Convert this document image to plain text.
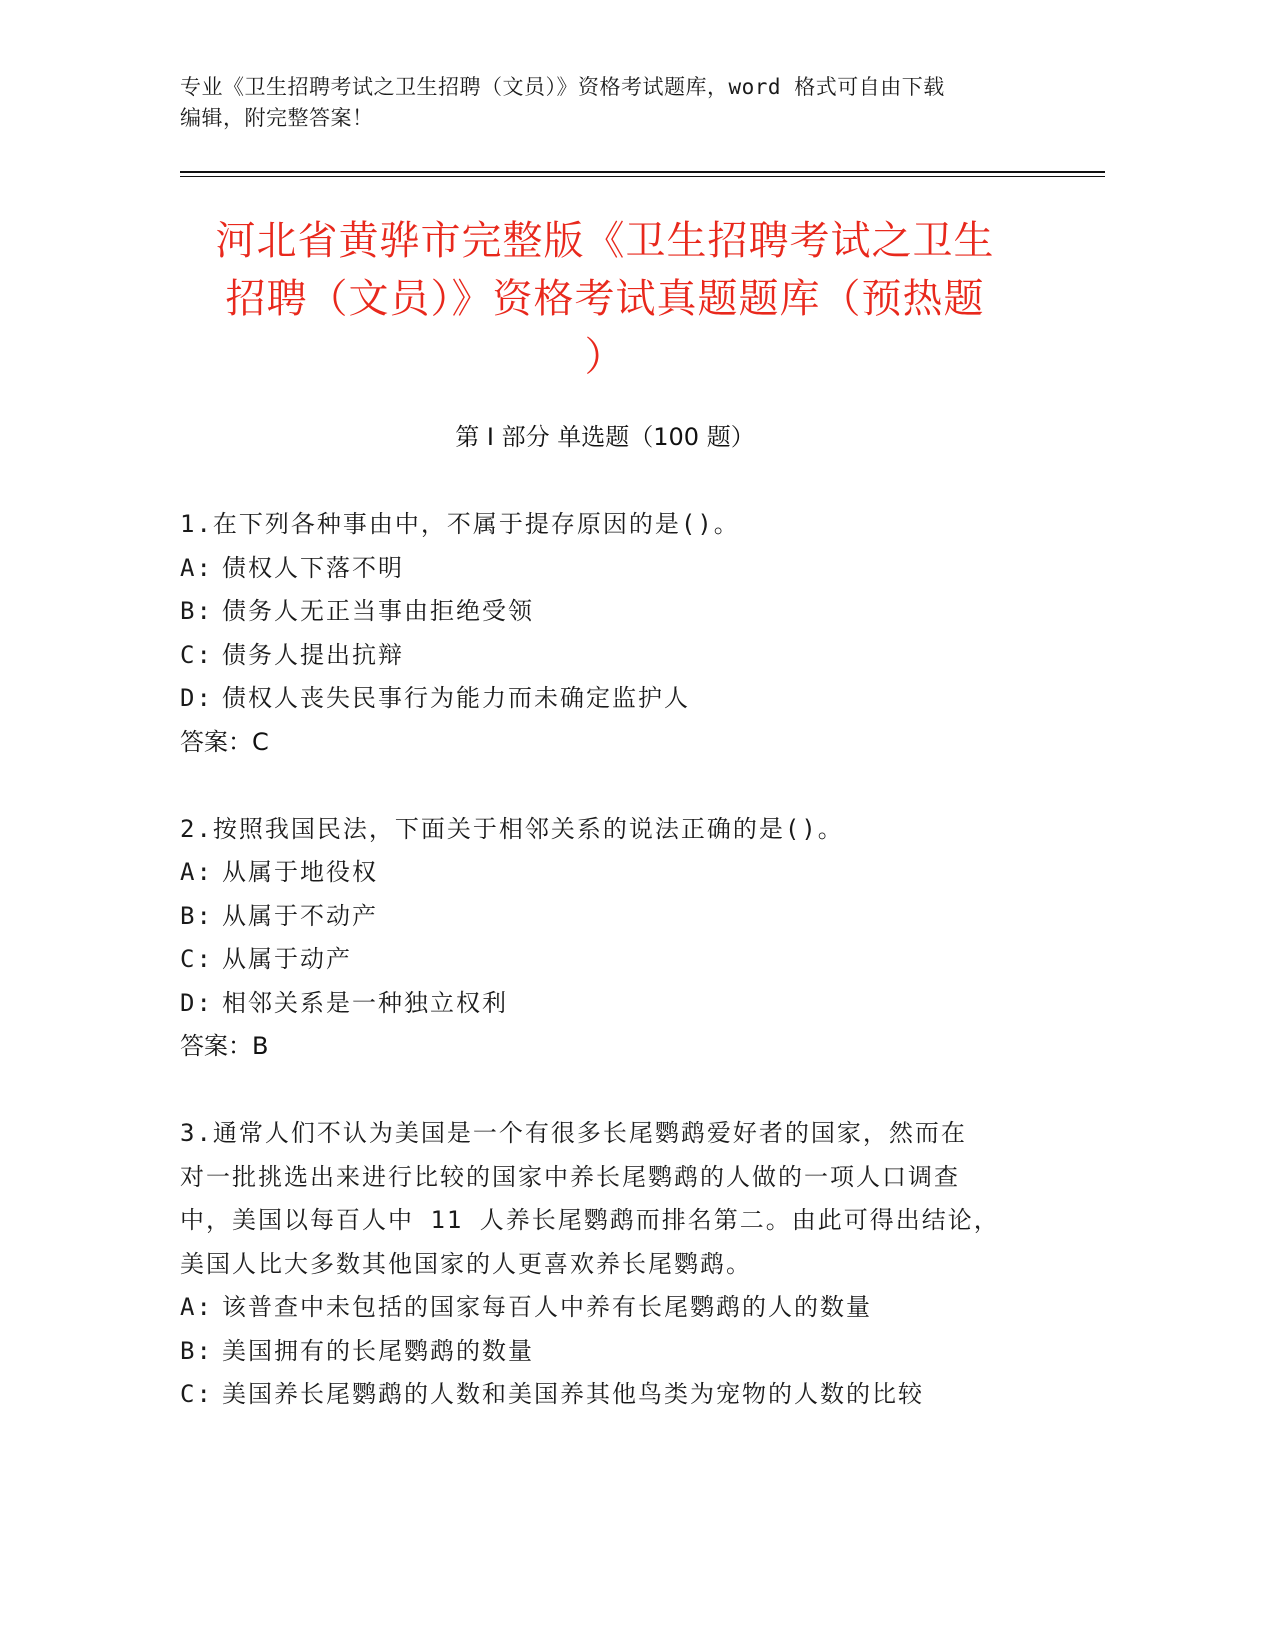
专业《卫生招聘考试之卫生招聘（文员）》资格考试题库，word 格式可自由下载
编辑，附完整答案！
河北省黄骅市完整版《卫生招聘考试之卫生
招聘（文员）》资格考试真题题库（预热题
）
第 I 部分 单选题（100 题）
1.在下列各种事由中，不属于提存原因的是()。
A: 债权人下落不明
B: 债务人无正当事由拒绝受领
C: 债务人提出抗辩
D: 债权人丧失民事行为能力而未确定监护人
答案：C
2.按照我国民法，下面关于相邻关系的说法正确的是()。
A: 从属于地役权
B: 从属于不动产
C: 从属于动产
D: 相邻关系是一种独立权利
答案：B
3.通常人们不认为美国是一个有很多长尾鹦鹉爱好者的国家，然而在
对一批挑选出来进行比较的国家中养长尾鹦鹉的人做的一项人口调查
中，美国以每百人中 11 人养长尾鹦鹉而排名第二。由此可得出结论，
美国人比大多数其他国家的人更喜欢养长尾鹦鹉。
A: 该普查中未包括的国家每百人中养有长尾鹦鹉的人的数量
B: 美国拥有的长尾鹦鹉的数量
C: 美国养长尾鹦鹉的人数和美国养其他鸟类为宠物的人数的比较
